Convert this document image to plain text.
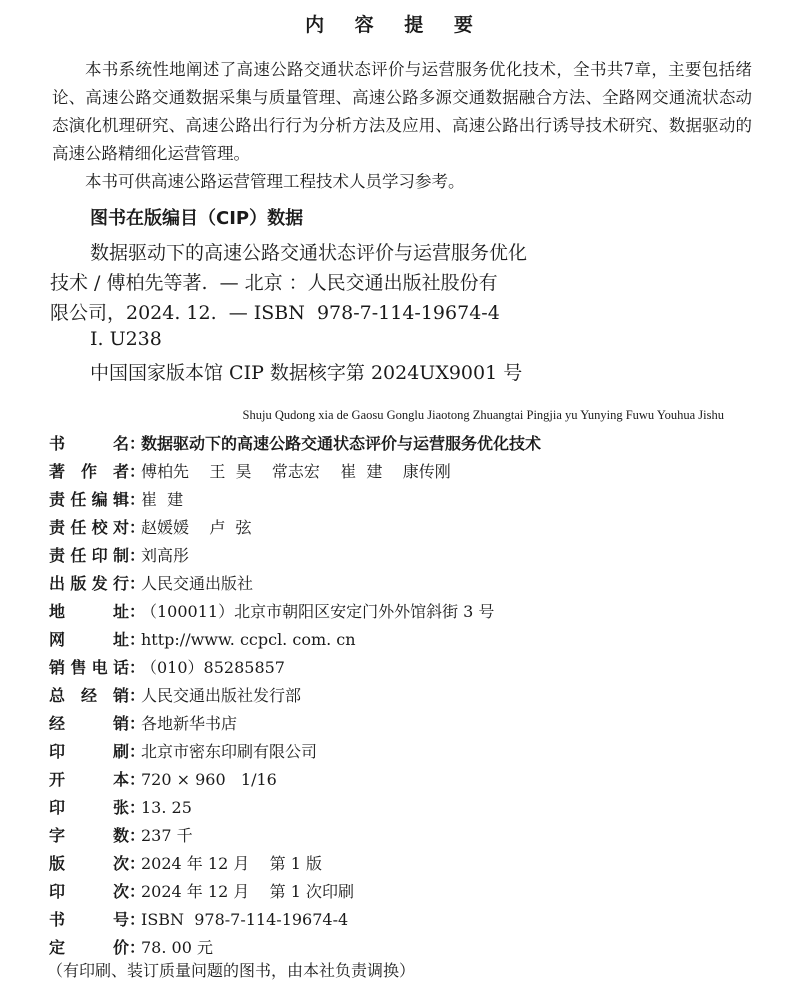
内 容 提 要

本书系统性地阐述了高速公路交通状态评价与运营服务优化技术，全书共7章，主要包括绪论、高速公路交通数据采集与质量管理、高速公路多源交通数据融合方法、全路网交通流状态动态演化机理研究、高速公路出行行为分析方法及应用、高速公路出行诱导技术研究、数据驱动的高速公路精细化运营管理。

本书可供高速公路运营管理工程技术人员学习参考。

图书在版编目（CIP）数据
数据驱动下的高速公路交通状态评价与运营服务优化
技术 / 傅柏先等著.  — 北京 ：人民交通出版社股份有
限公司，2024. 12.  — ISBN  978-7-114-19674-4
Ⅰ. U238
中国国家版本馆 CIP 数据核字第 2024UX9001 号
Shuju Qudong xia de Gaosu Gonglu Jiaotong Zhuangtai Pingjia yu Yunying Fuwu Youhua Jishu
书	名 ：
数据驱动下的高速公路交通状态评价与运营服务优化技术
著 作 者 ：
傅柏先    王  昊    常志宏    崔  建    康传刚
责 任 编 辑 ：
崔  建
责 任 校 对 ：
赵媛媛    卢  弦
责 任 印 制 ：
刘高彤
出 版 发 行 ：
人民交通出版社
地	址 ：
（100011）北京市朝阳区安定门外外馆斜街 3 号
网	址 ：
http://www. ccpcl. com. cn
销 售 电 话 ：
（010）85285857
总 经 销 ：
人民交通出版社发行部
经	销 ：
各地新华书店
印	刷 ：
北京市密东印刷有限公司
开	本 ：
720 × 960   1/16
印	张 ：
13. 25
字	数 ：
237 千
版	次 ：
2024 年 12 月    第 1 版
印	次 ：
2024 年 12 月    第 1 次印刷
书	号 ：
ISBN  978-7-114-19674-4
定	价 ：
78. 00 元
（有印刷、装订质量问题的图书，由本社负责调换）
